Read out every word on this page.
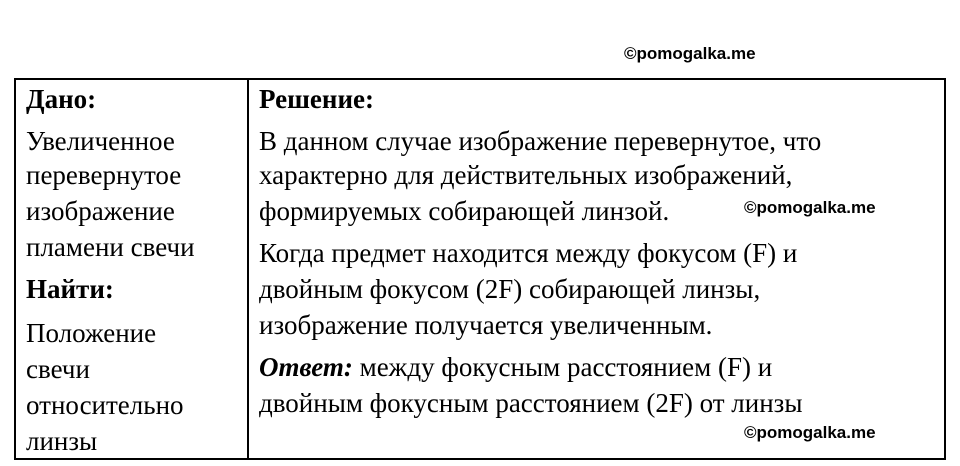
©pomogalka.me
©pomogalka.me
©pomogalka.me
Дано:
Увеличенное
перевернутое
изображение
пламени свечи
Найти:
Положение
свечи
относительно
линзы
Решение:
В данном случае изображение перевернутое, что
характерно для действительных изображений,
формируемых собирающей линзой.
Когда предмет находится между фокусом (F) и
двойным фокусом (2F) собирающей линзы,
изображение получается увеличенным.
Ответ: между фокусным расстоянием (F) и
двойным фокусным расстоянием (2F) от линзы
